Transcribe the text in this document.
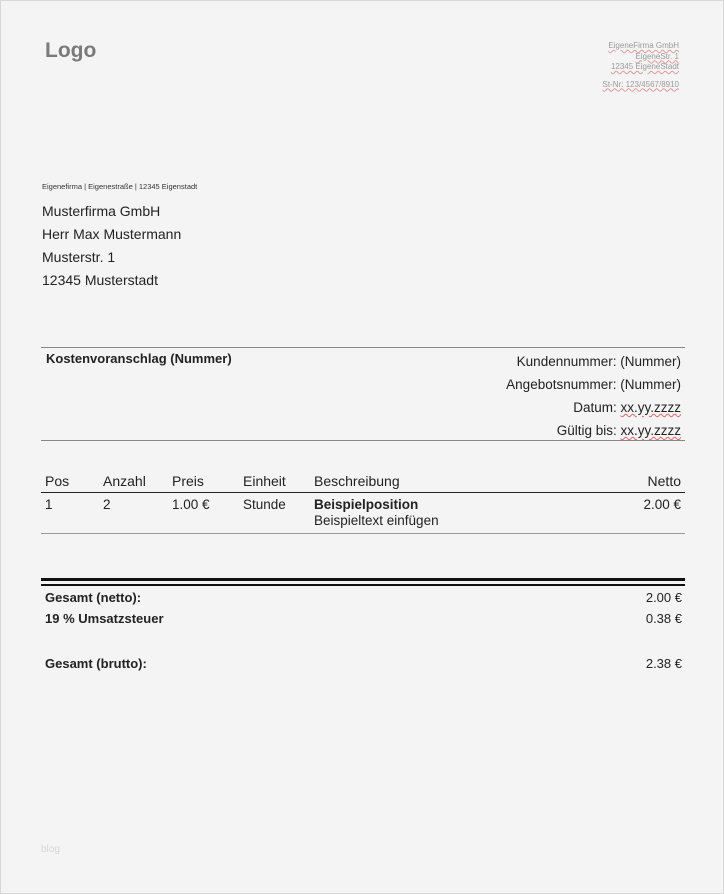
Logo	EigeneFirma GmbH
EigeneStr. 1
12345 EigeneStadt
St-Nr: 123/4567/8910
Eigenefirma | Eigenestraße | 12345 Eigenstadt
Musterfirma GmbH
Herr Max Mustermann
Musterstr. 1
12345 Musterstadt
Kostenvoranschlag (Nummer)	Kundennummer: (Nummer)
Angebotsnummer: (Nummer)
Datum: xx.yy.zzzz
Gültig bis: xx.yy.zzzz
Pos	Anzahl	Preis	Einheit	Beschreibung	Netto
1	2	1.00 €	Stunde	Beispielposition
Beispieltext einfügen	2.00 €
Gesamt (netto):	2.00 €
19 % Umsatzsteuer	0.38 €
Gesamt (brutto):	2.38 €
blog
